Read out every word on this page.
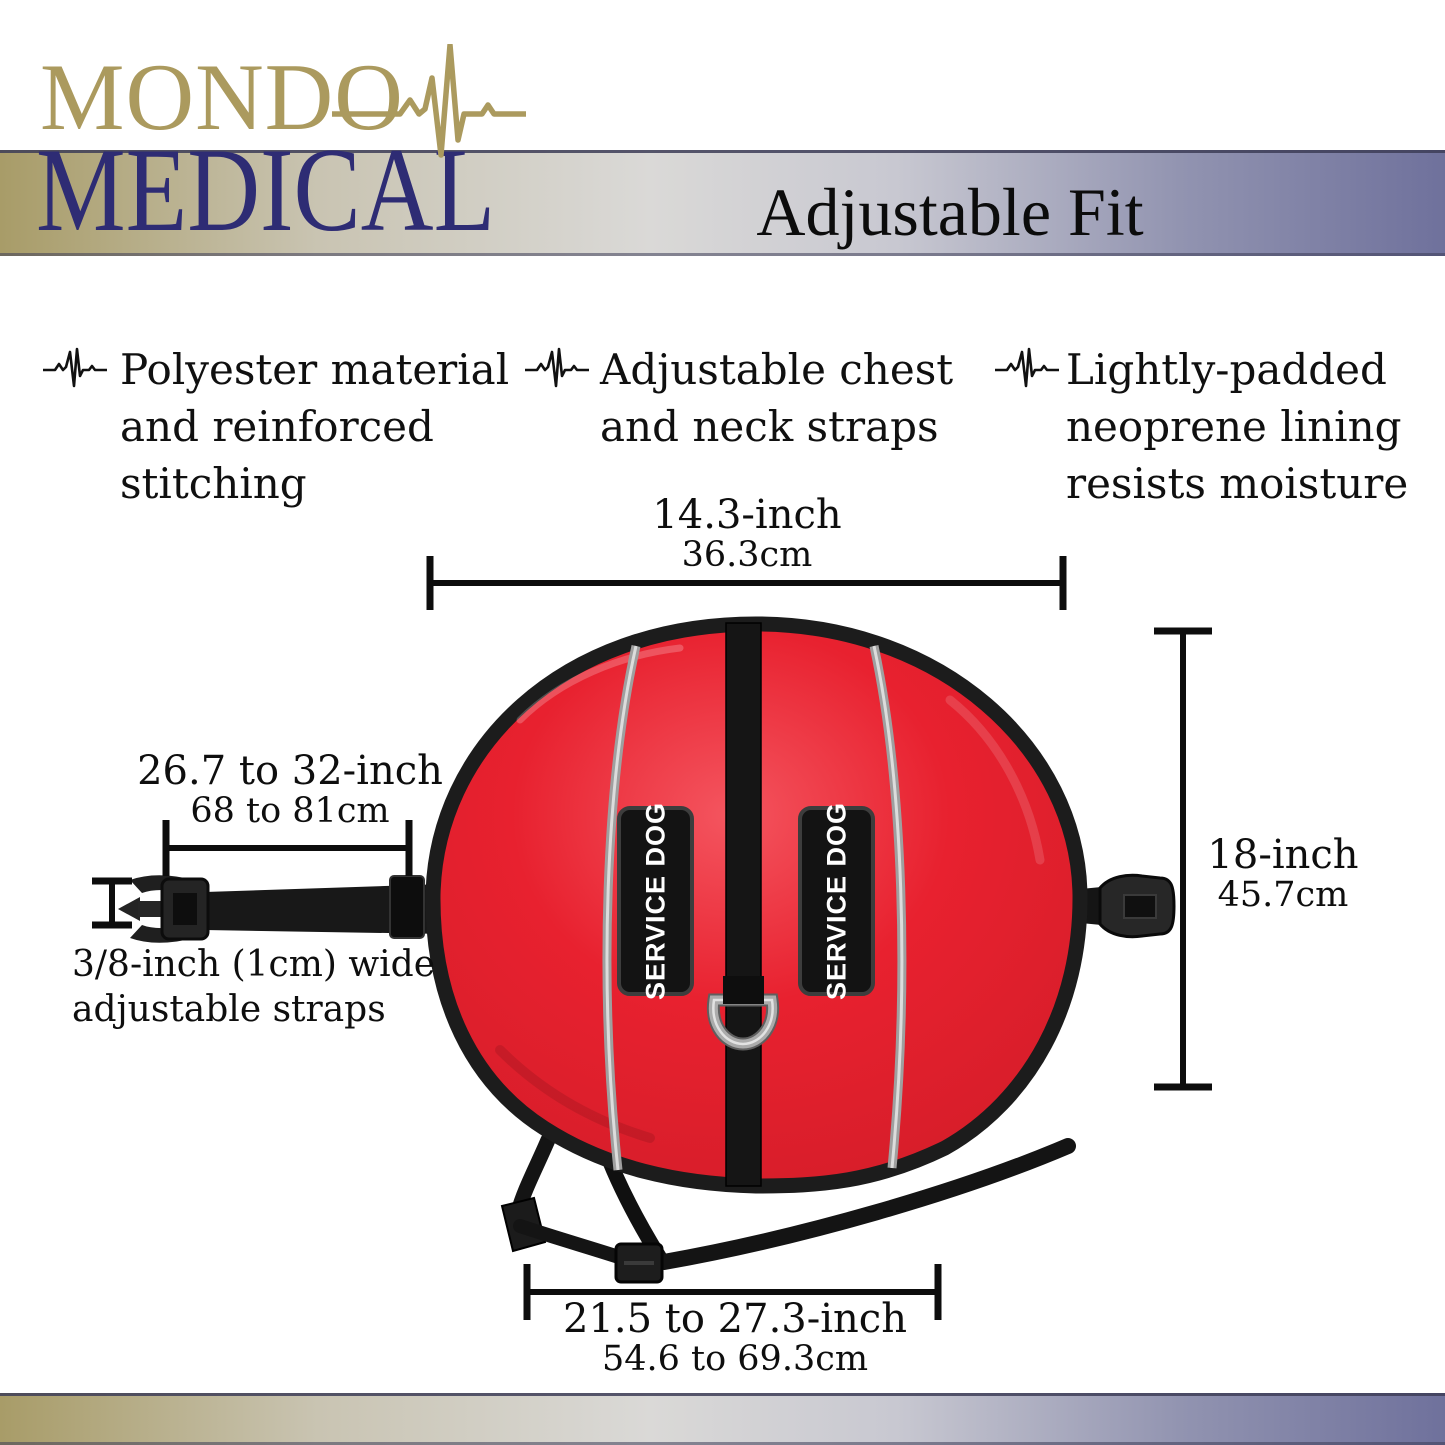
MONDO
MEDICAL	Adjustable Fit
Polyester material
and reinforced
stitching
Adjustable chest
and neck straps
Lightly-padded
neoprene lining
resists moisture
14.3-inch
36.3cm
26.7 to 32-inch
68 to 81cm
18-inch
45.7cm
21.5 to 27.3-inch
54.6 to 69.3cm
3/8-inch (1cm) wide
adjustable straps
SERVICE DOG	SERVICE DOG
